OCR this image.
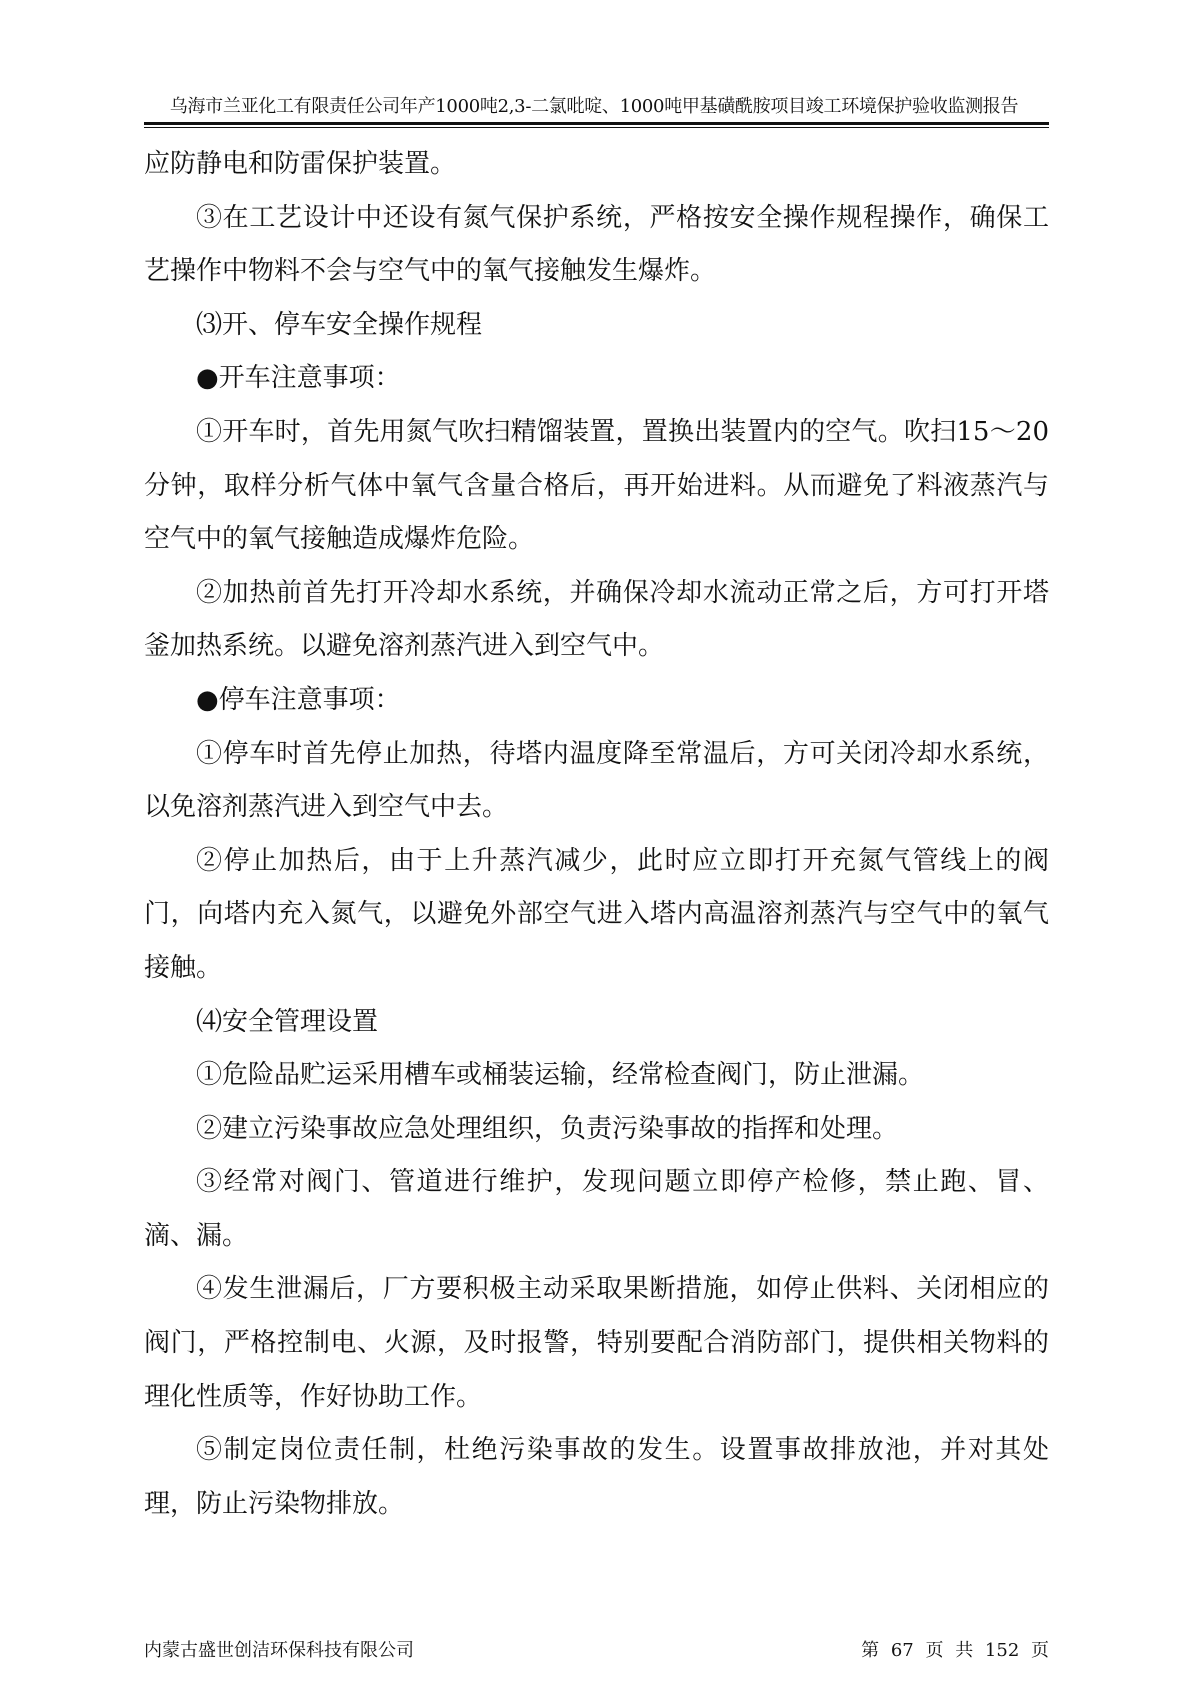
乌海市兰亚化工有限责任公司年产1000吨2,3-二氯吡啶、1000吨甲基磺酰胺项目竣工环境保护验收监测报告

应防静电和防雷保护装置。

③在工艺设计中还设有氮气保护系统，严格按安全操作规程操作，确保工艺操作中物料不会与空气中的氧气接触发生爆炸。

⑶开、停车安全操作规程

●开车注意事项：

①开车时，首先用氮气吹扫精馏装置，置换出装置内的空气。吹扫15～20分钟，取样分析气体中氧气含量合格后，再开始进料。从而避免了料液蒸汽与空气中的氧气接触造成爆炸危险。

②加热前首先打开冷却水系统，并确保冷却水流动正常之后，方可打开塔釜加热系统。以避免溶剂蒸汽进入到空气中。

●停车注意事项：

①停车时首先停止加热，待塔内温度降至常温后，方可关闭冷却水系统，以免溶剂蒸汽进入到空气中去。

②停止加热后，由于上升蒸汽减少，此时应立即打开充氮气管线上的阀门，向塔内充入氮气，以避免外部空气进入塔内高温溶剂蒸汽与空气中的氧气接触。

⑷安全管理设置

①危险品贮运采用槽车或桶装运输，经常检查阀门，防止泄漏。

②建立污染事故应急处理组织，负责污染事故的指挥和处理。

③经常对阀门、管道进行维护，发现问题立即停产检修，禁止跑、冒、滴、漏。

④发生泄漏后，厂方要积极主动采取果断措施，如停止供料、关闭相应的阀门，严格控制电、火源，及时报警，特别要配合消防部门，提供相关物料的理化性质等，作好协助工作。

⑤制定岗位责任制，杜绝污染事故的发生。设置事故排放池，并对其处理，防止污染物排放。

内蒙古盛世创洁环保科技有限公司	第 67 页 共 152 页
